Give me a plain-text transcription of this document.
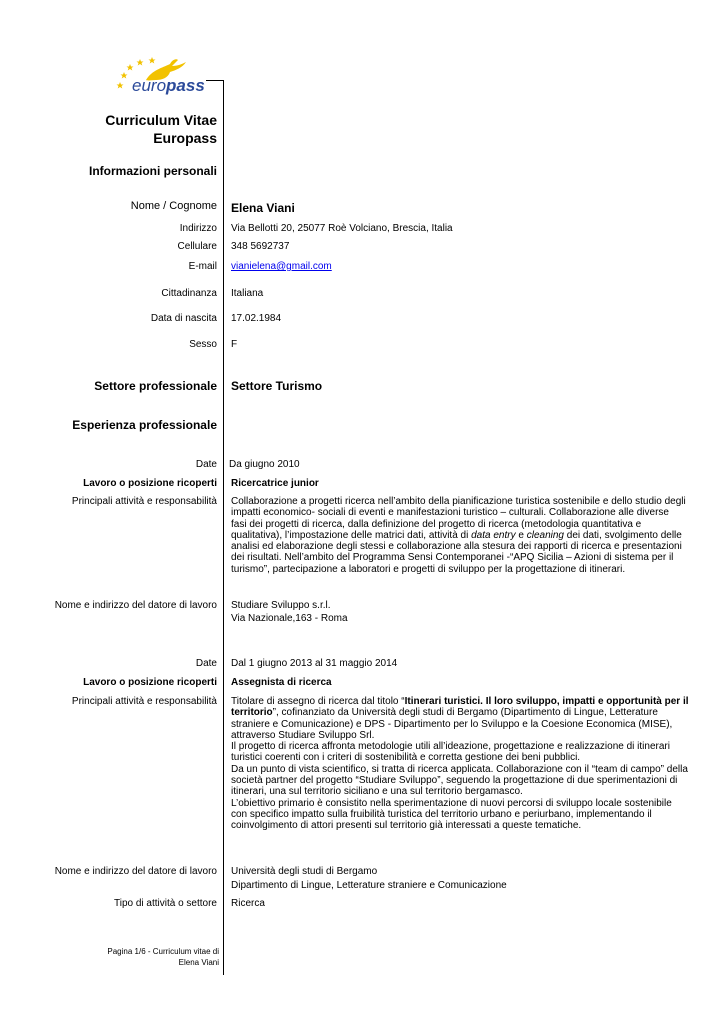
europass
Curriculum Vitae
Europass
Informazioni personali
Nome / Cognome Elena Viani
Indirizzo Via Bellotti 20, 25077 Roè Volciano, Brescia, Italia
Cellulare 348 5692737
E-mail vianielena@gmail.com
Cittadinanza Italiana
Data di nascita 17.02.1984
Sesso F
Settore professionale Settore Turismo
Esperienza professionale
Date Da giugno 2010
Lavoro o posizione ricoperti Ricercatrice junior
Principali attività e responsabilità Collaborazione a progetti ricerca nell’ambito della pianificazione turistica sostenibile e dello studio degli impatti economico- sociali di eventi e manifestazioni turistico – culturali. Collaborazione alle diverse fasi dei progetti di ricerca, dalla definizione del progetto di ricerca (metodologia quantitativa e qualitativa), l’impostazione delle matrici dati, attività di data entry e cleaning dei dati, svolgimento delle analisi ed elaborazione degli stessi e collaborazione alla stesura dei rapporti di ricerca e presentazioni dei risultati. Nell’ambito del Programma Sensi Contemporanei -“APQ Sicilia – Azioni di sistema per il turismo”, partecipazione a laboratori e progetti di sviluppo per la progettazione di itinerari.
Nome e indirizzo del datore di lavoro Studiare Sviluppo s.r.l.
Via Nazionale,163 - Roma
Date Dal 1 giugno 2013 al 31 maggio 2014
Lavoro o posizione ricoperti Assegnista di ricerca
Principali attività e responsabilità Titolare di assegno di ricerca dal titolo “Itinerari turistici. Il loro sviluppo, impatti e opportunità per il territorio”, cofinanziato da Università degli studi di Bergamo (Dipartimento di Lingue, Letterature straniere e Comunicazione) e DPS - Dipartimento per lo Sviluppo e la Coesione Economica (MISE), attraverso Studiare Sviluppo Srl.
Il progetto di ricerca affronta metodologie utili all’ideazione, progettazione e realizzazione di itinerari turistici coerenti con i criteri di sostenibilità e corretta gestione dei beni pubblici.
Da un punto di vista scientifico, si tratta di ricerca applicata. Collaborazione con il “team di campo” della società partner del progetto “Studiare Sviluppo”, seguendo la progettazione di due sperimentazioni di itinerari, una sul territorio siciliano e una sul territorio bergamasco.
L’obiettivo primario è consistito nella sperimentazione di nuovi percorsi di sviluppo locale sostenibile con specifico impatto sulla fruibilità turistica del territorio urbano e periurbano, implementando il coinvolgimento di attori presenti sul territorio già interessati a queste tematiche.
Nome e indirizzo del datore di lavoro Università degli studi di Bergamo
Dipartimento di Lingue, Letterature straniere e Comunicazione
Tipo di attività o settore Ricerca
Pagina 1/6 - Curriculum vitae di
Elena Viani
